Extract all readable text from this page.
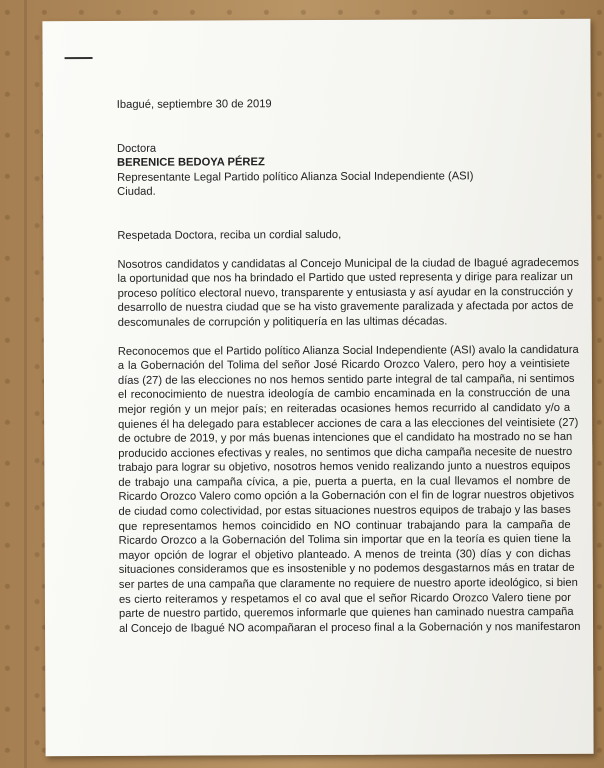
Ibagué, septiembre 30 de 2019
Doctora
BERENICE BEDOYA PÉREZ
Representante Legal Partido político Alianza Social Independiente (ASI)
Ciudad.
Respetada Doctora, reciba un cordial saludo,
Nosotros candidatos y candidatas al Concejo Municipal de la ciudad de Ibagué agradecemos
la oportunidad que nos ha brindado el Partido que usted representa y dirige para realizar un
proceso político electoral nuevo, transparente y entusiasta y así ayudar en la construcción y
desarrollo de nuestra ciudad que se ha visto gravemente paralizada y afectada por actos de
descomunales de corrupción y politiquería en las ultimas décadas.
Reconocemos que el Partido político Alianza Social Independiente (ASI) avalo la candidatura
a la Gobernación del Tolima del señor José Ricardo Orozco Valero, pero hoy a veintisiete
días (27) de las elecciones no nos hemos sentido parte integral de tal campaña, ni sentimos
el reconocimiento de nuestra ideología de cambio encaminada en la construcción de una
mejor región y un mejor país; en reiteradas ocasiones hemos recurrido al candidato y/o a
quienes él ha delegado para establecer acciones de cara a las elecciones del veintisiete (27)
de octubre de 2019, y por más buenas intenciones que el candidato ha mostrado no se han
producido acciones efectivas y reales, no sentimos que dicha campaña necesite de nuestro
trabajo para lograr su objetivo, nosotros hemos venido realizando junto a nuestros equipos
de trabajo una campaña cívica, a pie, puerta a puerta, en la cual llevamos el nombre de
Ricardo Orozco Valero como opción a la Gobernación con el fin de lograr nuestros objetivos
de ciudad como colectividad, por estas situaciones nuestros equipos de trabajo y las bases
que representamos hemos coincidido en NO continuar trabajando para la campaña de
Ricardo Orozco a la Gobernación del Tolima sin importar que en la teoría es quien tiene la
mayor opción de lograr el objetivo planteado. A menos de treinta (30) días y con dichas
situaciones consideramos que es insostenible y no podemos desgastarnos más en tratar de
ser partes de una campaña que claramente no requiere de nuestro aporte ideológico, si bien
es cierto reiteramos y respetamos el co aval que el señor Ricardo Orozco Valero tiene por
parte de nuestro partido, queremos informarle que quienes han caminado nuestra campaña
al Concejo de Ibagué NO acompañaran el proceso final a la Gobernación y nos manifestaron
